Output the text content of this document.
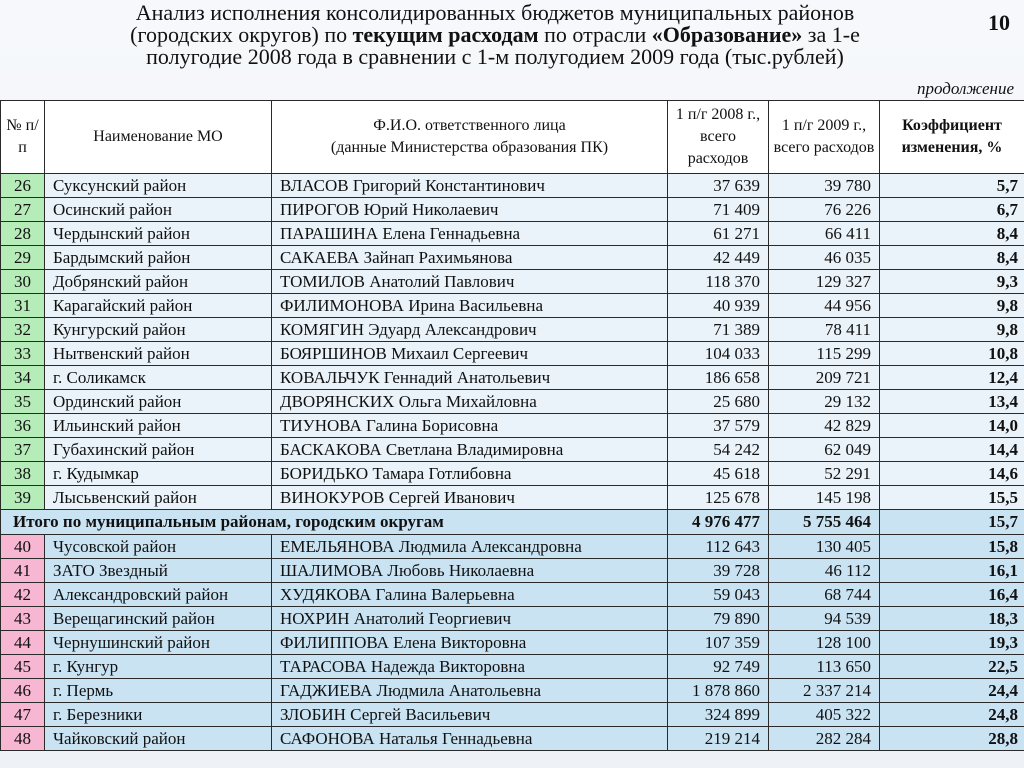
Анализ исполнения консолидированных бюджетов муниципальных районов
(городских округов) по текущим расходам по отрасли «Образование» за 1-е
полугодие 2008 года в сравнении с 1-м полугодием 2009 года (тыс.рублей)
10
продолжение
№ п/п	Наименование МО	Ф.И.О. ответственного лица
(данные Министерства образования ПК)	1 п/г 2008 г., всего расходов	1 п/г 2009 г., всего расходов	Коэффициент изменения, %
26	Суксунский район	ВЛАСОВ Григорий Константинович	37 639	39 780	5,7
27	Осинский район	ПИРОГОВ Юрий Николаевич	71 409	76 226	6,7
28	Чердынский район	ПАРАШИНА Елена Геннадьевна	61 271	66 411	8,4
29	Бардымский район	САКАЕВА Зайнап Рахимьянова	42 449	46 035	8,4
30	Добрянский район	ТОМИЛОВ Анатолий Павлович	118 370	129 327	9,3
31	Карагайский район	ФИЛИМОНОВА Ирина Васильевна	40 939	44 956	9,8
32	Кунгурский район	КОМЯГИН Эдуард Александрович	71 389	78 411	9,8
33	Нытвенский район	БОЯРШИНОВ Михаил Сергеевич	104 033	115 299	10,8
34	г. Соликамск	КОВАЛЬЧУК Геннадий Анатольевич	186 658	209 721	12,4
35	Ординский район	ДВОРЯНСКИХ Ольга Михайловна	25 680	29 132	13,4
36	Ильинский район	ТИУНОВА Галина Борисовна	37 579	42 829	14,0
37	Губахинский район	БАСКАКОВА Светлана Владимировна	54 242	62 049	14,4
38	г. Кудымкар	БОРИДЬКО Тамара Готлибовна	45 618	52 291	14,6
39	Лысьвенский район	ВИНОКУРОВ Сергей Иванович	125 678	145 198	15,5
Итого по муниципальным районам, городским округам			4 976 477	5 755 464	15,7
40	Чусовской район	ЕМЕЛЬЯНОВА Людмила Александровна	112 643	130 405	15,8
41	ЗАТО Звездный	ШАЛИМОВА Любовь Николаевна	39 728	46 112	16,1
42	Александровский район	ХУДЯКОВА Галина Валерьевна	59 043	68 744	16,4
43	Верещагинский район	НОХРИН Анатолий Георгиевич	79 890	94 539	18,3
44	Чернушинский район	ФИЛИППОВА Елена Викторовна	107 359	128 100	19,3
45	г. Кунгур	ТАРАСОВА Надежда Викторовна	92 749	113 650	22,5
46	г. Пермь	ГАДЖИЕВА Людмила Анатольевна	1 878 860	2 337 214	24,4
47	г. Березники	ЗЛОБИН Сергей Васильевич	324 899	405 322	24,8
48	Чайковский район	САФОНОВА Наталья Геннадьевна	219 214	282 284	28,8
